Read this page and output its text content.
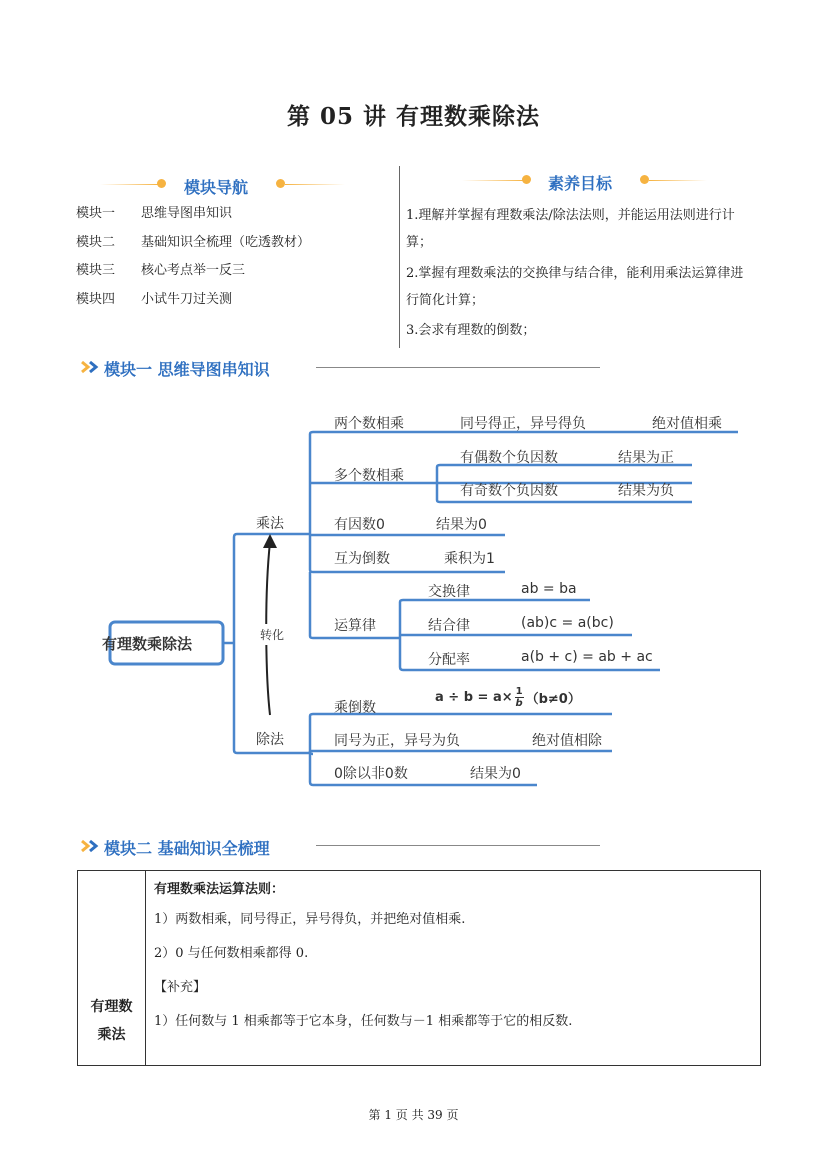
第 05 讲 有理数乘除法
模块导航
模块一 思维导图串知识
模块二 基础知识全梳理（吃透教材）
模块三 核心考点举一反三
模块四 小试牛刀过关测
素养目标
1.理解并掌握有理数乘法/除法法则，并能运用法则进行计算；
2.掌握有理数乘法的交换律与结合律，能利用乘法运算律进行简化计算；
3.会求有理数的倒数；
模块一 思维导图串知识
有理数乘除法
乘法
除法
转化
两个数相乘	同号得正，异号得负	绝对值相乘
多个数相乘
有偶数个负因数	结果为正
有奇数个负因数	结果为负
有因数0	结果为0
互为倒数	乘积为1
运算律
交换律	ab = ba
结合律	(ab)c = a(bc)
分配率	a(b + c) = ab + ac
乘倒数
$a \div b = a\times \frac{1}{b} (b\ne 0)$
同号为正，异号为负	绝对值相除
0除以非0数	结果为0
模块二 基础知识全梳理
有理数
乘法

有理数乘法运算法则：

1）两数相乘，同号得正，异号得负，并把绝对值相乘.

2）0 与任何数相乘都得 0.

【补充】

1）任何数与 1 相乘都等于它本身，任何数与－1 相乘都等于它的相反数.

第 1 页 共 39 页
